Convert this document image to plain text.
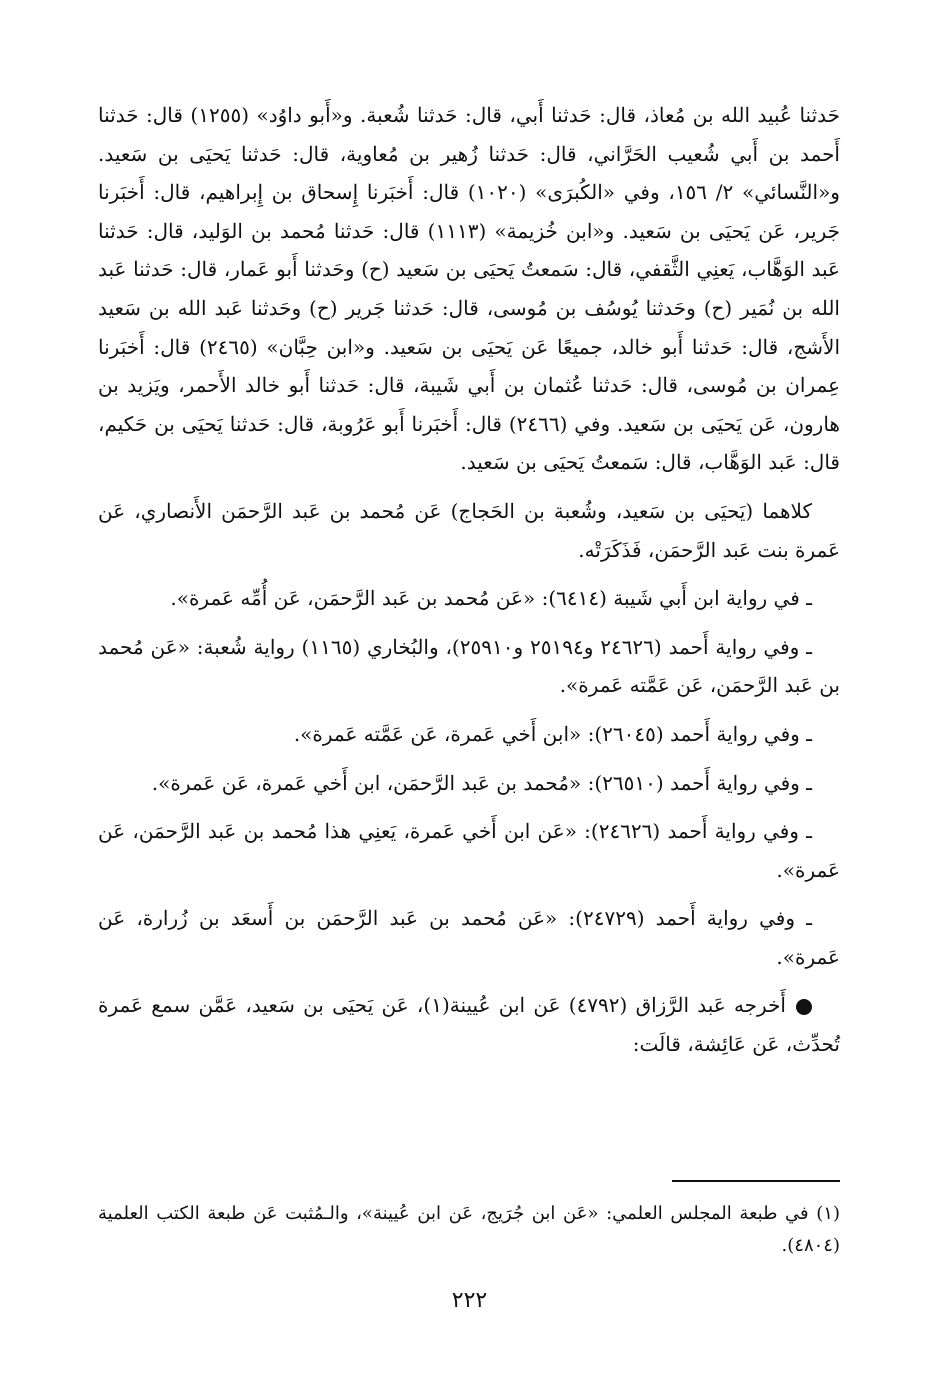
حَدثنا عُبيد الله بن مُعاذ، قال: حَدثنا أَبي، قال: حَدثنا شُعبة. و«أَبو داوُد» (١٢٥٥) قال: حَدثنا أَحمد بن أَبي شُعيب الحَرَّاني، قال: حَدثنا زُهير بن مُعاوية، قال: حَدثنا يَحيَى بن سَعيد. و«النَّسائي» ٢/ ١٥٦، وفي «الكُبرَى» (١٠٢٠) قال: أَخبَرنا إِسحاق بن إِبراهيم، قال: أَخبَرنا جَرير، عَن يَحيَى بن سَعيد. و«ابن خُزيمة» (١١١٣) قال: حَدثنا مُحمد بن الوَليد، قال: حَدثنا عَبد الوَهَّاب، يَعنِي الثَّقفي، قال: سَمعتُ يَحيَى بن سَعيد (ح) وحَدثنا أَبو عَمار، قال: حَدثنا عَبد الله بن نُمَير (ح) وحَدثنا يُوسُف بن مُوسى، قال: حَدثنا جَرير (ح) وحَدثنا عَبد الله بن سَعيد الأَشج، قال: حَدثنا أَبو خالد، جميعًا عَن يَحيَى بن سَعيد. و«ابن حِبَّان» (٢٤٦٥) قال: أَخبَرنا عِمران بن مُوسى، قال: حَدثنا عُثمان بن أَبي شَيبة، قال: حَدثنا أَبو خالد الأَحمر، ويَزيد بن هارون، عَن يَحيَى بن سَعيد. وفي (٢٤٦٦) قال: أَخبَرنا أَبو عَرُوبة، قال: حَدثنا يَحيَى بن حَكيم، قال: عَبد الوَهَّاب، قال: سَمعتُ يَحيَى بن سَعيد.

كلاهما (يَحيَى بن سَعيد، وشُعبة بن الحَجاج) عَن مُحمد بن عَبد الرَّحمَن الأَنصاري، عَن عَمرة بنت عَبد الرَّحمَن، فَذَكَرَتْه.

ـ في رواية ابن أَبي شَيبة (٦٤١٤): «عَن مُحمد بن عَبد الرَّحمَن، عَن أُمِّه عَمرة».

ـ وفي رواية أَحمد (٢٤٦٢٦ و٢٥١٩٤ و٢٥٩١٠)، والبُخاري (١١٦٥) رواية شُعبة: «عَن مُحمد بن عَبد الرَّحمَن، عَن عَمَّته عَمرة».

ـ وفي رواية أَحمد (٢٦٠٤٥): «ابن أَخي عَمرة، عَن عَمَّته عَمرة».

ـ وفي رواية أَحمد (٢٦٥١٠): «مُحمد بن عَبد الرَّحمَن، ابن أَخي عَمرة، عَن عَمرة».

ـ وفي رواية أَحمد (٢٤٦٢٦): «عَن ابن أَخي عَمرة، يَعنِي هذا مُحمد بن عَبد الرَّحمَن، عَن عَمرة».

ـ وفي رواية أَحمد (٢٤٧٢٩): «عَن مُحمد بن عَبد الرَّحمَن بن أَسعَد بن زُرارة، عَن عَمرة».

أَخرجه عَبد الرَّزاق (٤٧٩٢) عَن ابن عُيينة(١)، عَن يَحيَى بن سَعيد، عَمَّن سمع عَمرة تُحدِّث، عَن عَائِشة، قالَت:

(١) في طبعة المجلس العلمي: «عَن ابن جُرَيج، عَن ابن عُيينة»، والـمُثبت عَن طبعة الكتب العلمية (٤٨٠٤).

٢٢٢
